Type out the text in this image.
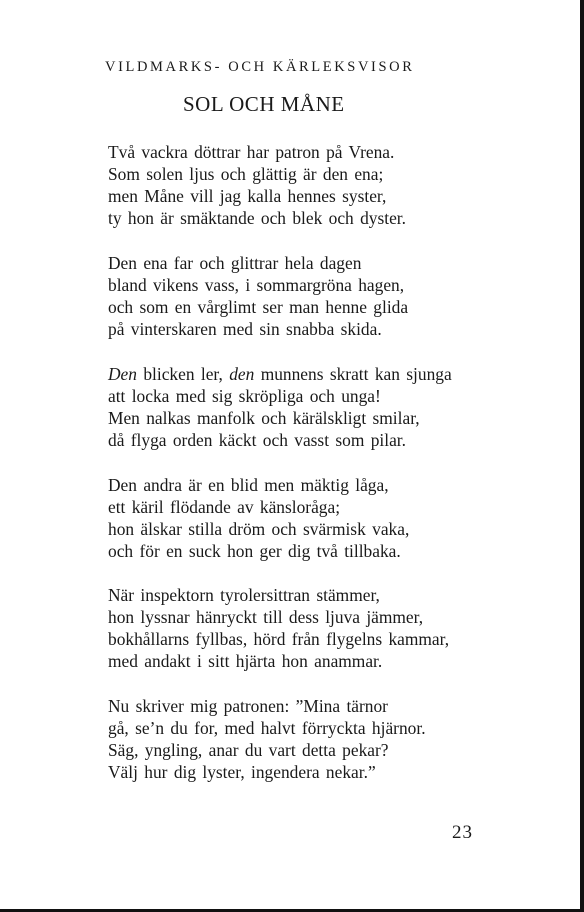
VILDMARKS- OCH KÄRLEKSVISOR
SOL OCH MÅNE
Två vackra döttrar har patron på Vrena.
Som solen ljus och glättig är den ena;
men Måne vill jag kalla hennes syster,
ty hon är smäktande och blek och dyster.
Den ena far och glittrar hela dagen
bland vikens vass, i sommargröna hagen,
och som en vårglimt ser man henne glida
på vinterskaren med sin snabba skida.
Den blicken ler, den munnens skratt kan sjunga
att locka med sig skröpliga och unga!
Men nalkas manfolk och kärälskligt smilar,
då flyga orden käckt och vasst som pilar.
Den andra är en blid men mäktig låga,
ett käril flödande av känsloråga;
hon älskar stilla dröm och svärmisk vaka,
och för en suck hon ger dig två tillbaka.
När inspektorn tyrolersittran stämmer,
hon lyssnar hänryckt till dess ljuva jämmer,
bokhållarns fyllbas, hörd från flygelns kammar,
med andakt i sitt hjärta hon anammar.
Nu skriver mig patronen: ”Mina tärnor
gå, se’n du for, med halvt förryckta hjärnor.
Säg, yngling, anar du vart detta pekar?
Välj hur dig lyster, ingendera nekar.”
23
